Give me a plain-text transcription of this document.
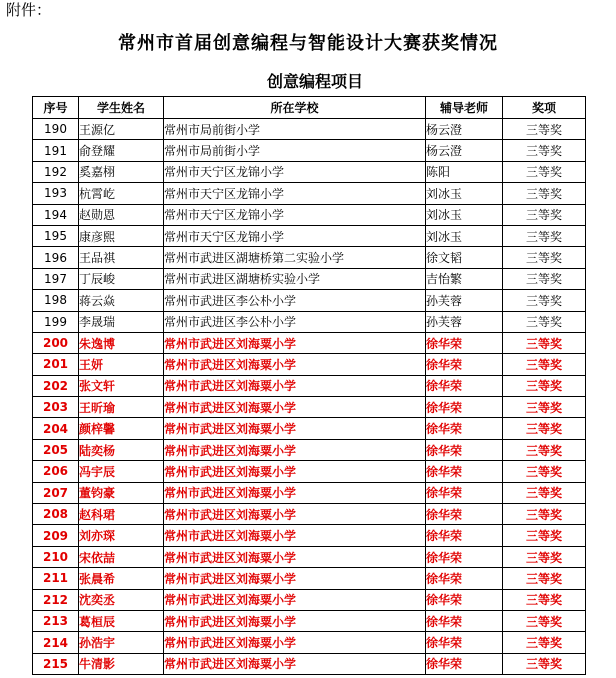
附件：
常州市首届创意编程与智能设计大赛获奖情况
创意编程项目
序号	学生姓名	所在学校	辅导老师	奖项
190	王源亿	常州市局前街小学	杨云澄	三等奖
191	俞登耀	常州市局前街小学	杨云澄	三等奖
192	奚嘉栩	常州市天宁区龙锦小学	陈阳	三等奖
193	杭霄屹	常州市天宁区龙锦小学	刘冰玉	三等奖
194	赵勋恩	常州市天宁区龙锦小学	刘冰玉	三等奖
195	康彦熙	常州市天宁区龙锦小学	刘冰玉	三等奖
196	王品祺	常州市武进区湖塘桥第二实验小学	徐文韬	三等奖
197	丁辰峻	常州市武进区湖塘桥实验小学	吉怡繁	三等奖
198	蒋云焱	常州市武进区李公朴小学	孙芙蓉	三等奖
199	李晟瑞	常州市武进区李公朴小学	孙芙蓉	三等奖
200	朱逸博	常州市武进区刘海粟小学	徐华荣	三等奖
201	王妍	常州市武进区刘海粟小学	徐华荣	三等奖
202	张文轩	常州市武进区刘海粟小学	徐华荣	三等奖
203	王昕瑜	常州市武进区刘海粟小学	徐华荣	三等奖
204	颜梓馨	常州市武进区刘海粟小学	徐华荣	三等奖
205	陆奕杨	常州市武进区刘海粟小学	徐华荣	三等奖
206	冯宇辰	常州市武进区刘海粟小学	徐华荣	三等奖
207	董钧豪	常州市武进区刘海粟小学	徐华荣	三等奖
208	赵科珺	常州市武进区刘海粟小学	徐华荣	三等奖
209	刘亦琛	常州市武进区刘海粟小学	徐华荣	三等奖
210	宋依喆	常州市武进区刘海粟小学	徐华荣	三等奖
211	张晨希	常州市武进区刘海粟小学	徐华荣	三等奖
212	沈奕丞	常州市武进区刘海粟小学	徐华荣	三等奖
213	葛桓辰	常州市武进区刘海粟小学	徐华荣	三等奖
214	孙浩宇	常州市武进区刘海粟小学	徐华荣	三等奖
215	牛清影	常州市武进区刘海粟小学	徐华荣	三等奖
